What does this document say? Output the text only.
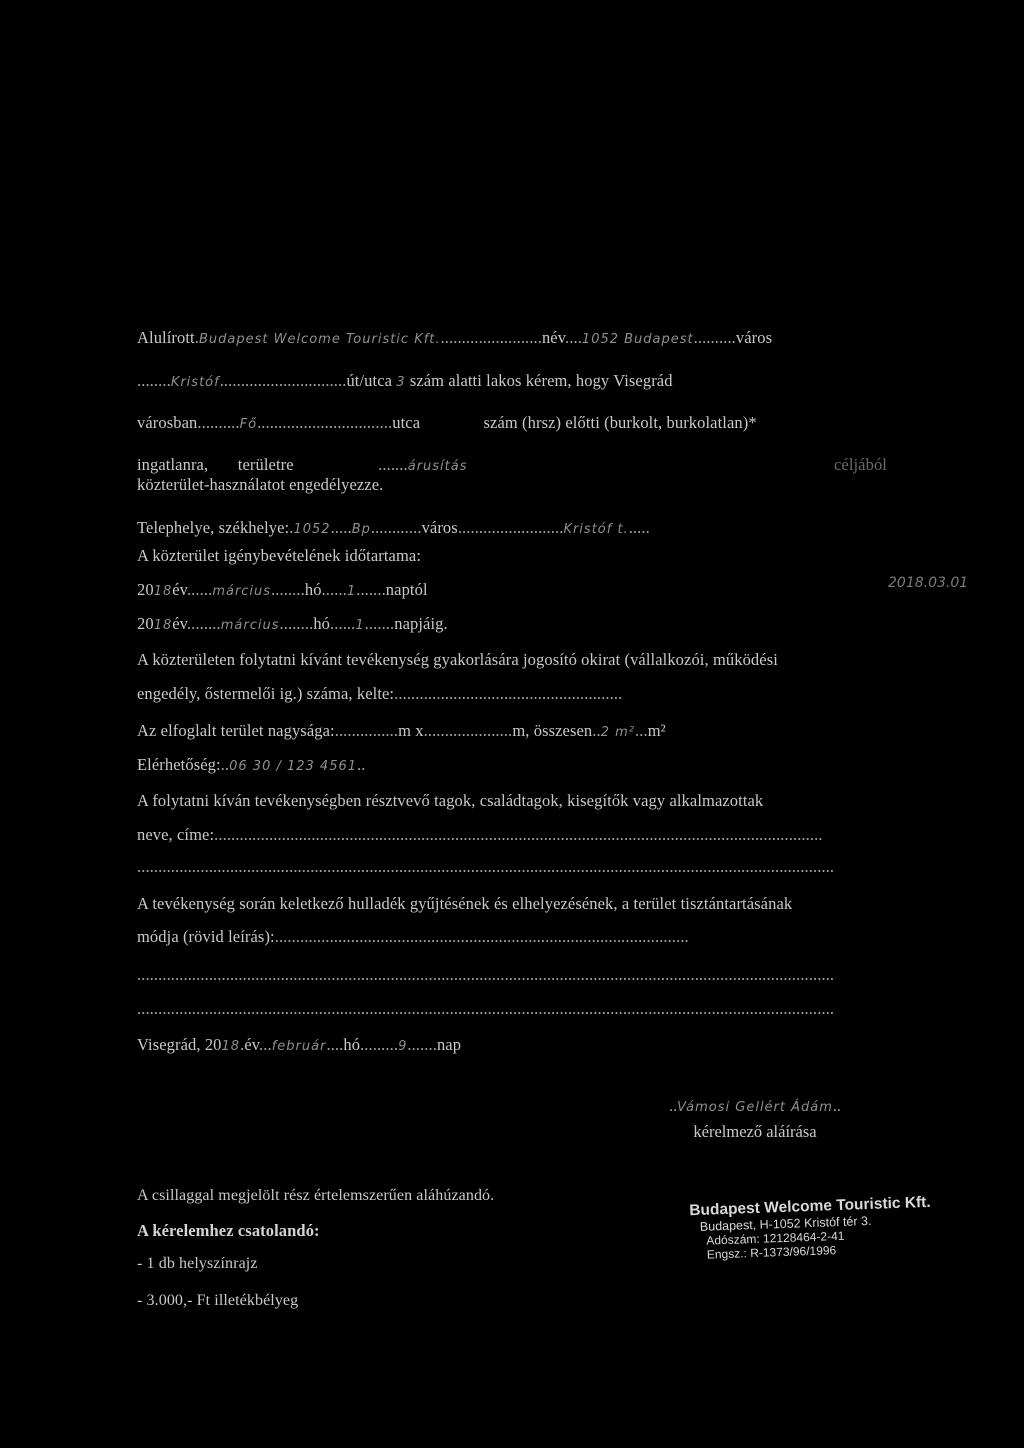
Alulírott.Budapest Welcome Touristic Kft.........................név....1052 Budapest..........város
........Kristóf..............................út/utca 3 szám alatti lakos kérem, hogy Visegrád
városban..........Fő................................utca	szám (hrsz) előtti (burkolt, burkolatlan)*
ingatlanra, területre	.......árusítás	céljából
közterület-használatot engedélyezze.
Telephelye, székhelye:.1052.....Bp............város.........................Kristóf t......
A közterület igénybevételének időtartama:
2018év......március........hó......1.......naptól
2018év........március........hó......1.......napjáig.
2018.03.01
A közterületen folytatni kívánt tevékenység gyakorlására jogosító okirat (vállalkozói, működési
engedély, őstermelői ig.) száma, kelte:......................................................
Az elfoglalt terület nagysága:...............m x.....................m, összesen..2 m²...m²
Elérhetőség:..06 30 / 123 4561..
A folytatni kíván tevékenységben résztvevő tagok, családtagok, kisegítők vagy alkalmazottak
neve, címe:................................................................................................................................................
.....................................................................................................................................................................
A tevékenység során keletkező hulladék gyűjtésének és elhelyezésének, a terület tisztántartásának
módja (rövid leírás):..................................................................................................
.....................................................................................................................................................................
.....................................................................................................................................................................
Visegrád, 2018.év...február....hó.........9.......nap
..Vámosi Gellért Ádám..
kérelmező aláírása
A csillaggal megjelölt rész értelemszerűen aláhúzandó.
A kérelemhez csatolandó:
- 1 db helyszínrajz
- 3.000,- Ft illetékbélyeg
Budapest Welcome Touristic Kft.
Budapest, H-1052 Kristóf tér 3.
Adószám: 12128464-2-41
Engsz.: R-1373/96/1996
